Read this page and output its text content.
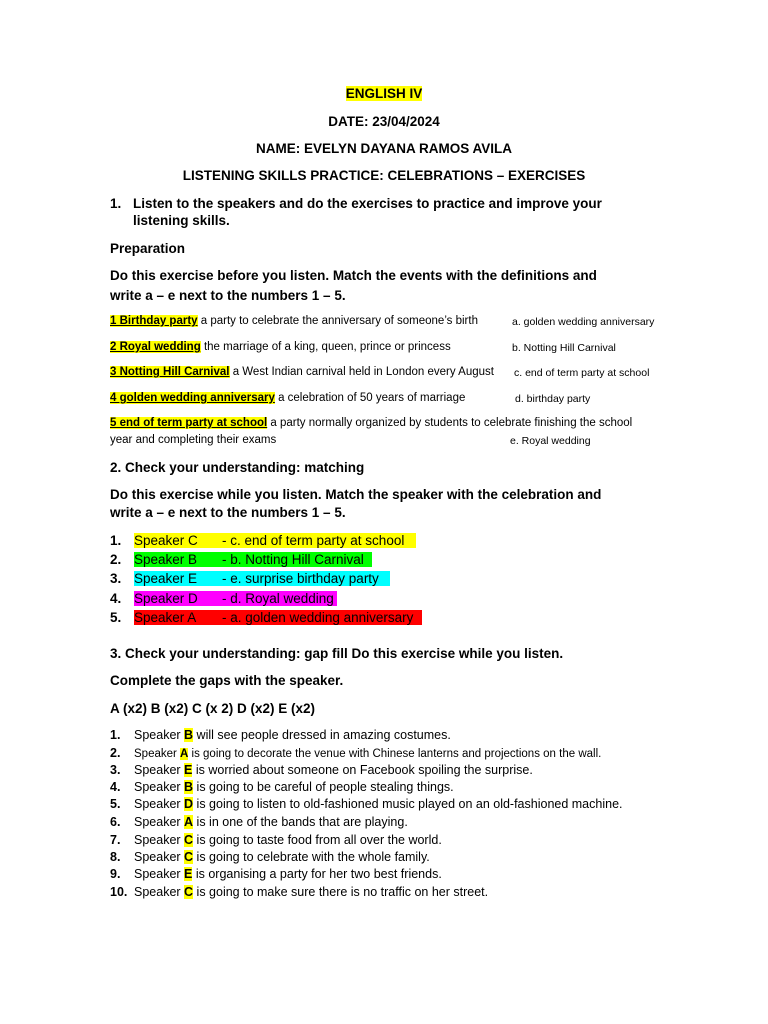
ENGLISH IV
DATE: 23/04/2024
NAME: EVELYN DAYANA RAMOS AVILA
LISTENING SKILLS PRACTICE: CELEBRATIONS – EXERCISES
1. Listen to the speakers and do the exercises to practice and improve your
listening skills.
Preparation
Do this exercise before you listen. Match the events with the definitions and
write a – e next to the numbers 1 – 5.
1 Birthday party a party to celebrate the anniversary of someone’s birth	a. golden wedding anniversary
2 Royal wedding the marriage of a king, queen, prince or princess	b. Notting Hill Carnival
3 Notting Hill Carnival a West Indian carnival held in London every August c. end of term party at school
4 golden wedding anniversary a celebration of 50 years of marriage	d. birthday party
5 end of term party at school a party normally organized by students to celebrate finishing the school
year and completing their exams	e. Royal wedding
2. Check your understanding: matching
Do this exercise while you listen. Match the speaker with the celebration and
write a – e next to the numbers 1 – 5.
1. Speaker C - c. end of term party at school
2. Speaker B - b. Notting Hill Carnival
3. Speaker E - e. surprise birthday party
4. Speaker D - d. Royal wedding
5. Speaker A - a. golden wedding anniversary
3. Check your understanding: gap fill Do this exercise while you listen.
Complete the gaps with the speaker.
A (x2) B (x2) C (x 2) D (x2) E (x2)
1. Speaker B will see people dressed in amazing costumes.
2. Speaker A is going to decorate the venue with Chinese lanterns and projections on the wall.
3. Speaker E is worried about someone on Facebook spoiling the surprise.
4. Speaker B is going to be careful of people stealing things.
5. Speaker D is going to listen to old-fashioned music played on an old-fashioned machine.
6. Speaker A is in one of the bands that are playing.
7. Speaker C is going to taste food from all over the world.
8. Speaker C is going to celebrate with the whole family.
9. Speaker E is organising a party for her two best friends.
10. Speaker C is going to make sure there is no traffic on her street.
